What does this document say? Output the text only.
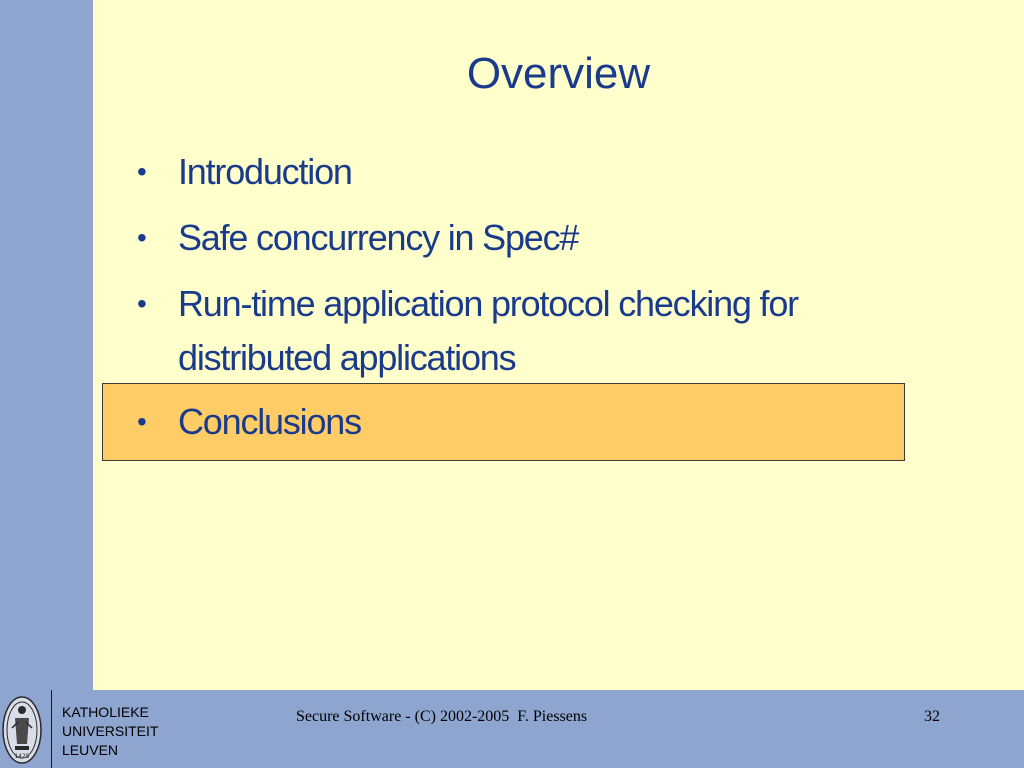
Overview
• Introduction
• Safe concurrency in Spec#
• Run-time application protocol checking for distributed applications
• Conclusions
1425
KATHOLIEKE
UNIVERSITEIT
LEUVEN
Secure Software - (C) 2002-2005  F. Piessens	32
